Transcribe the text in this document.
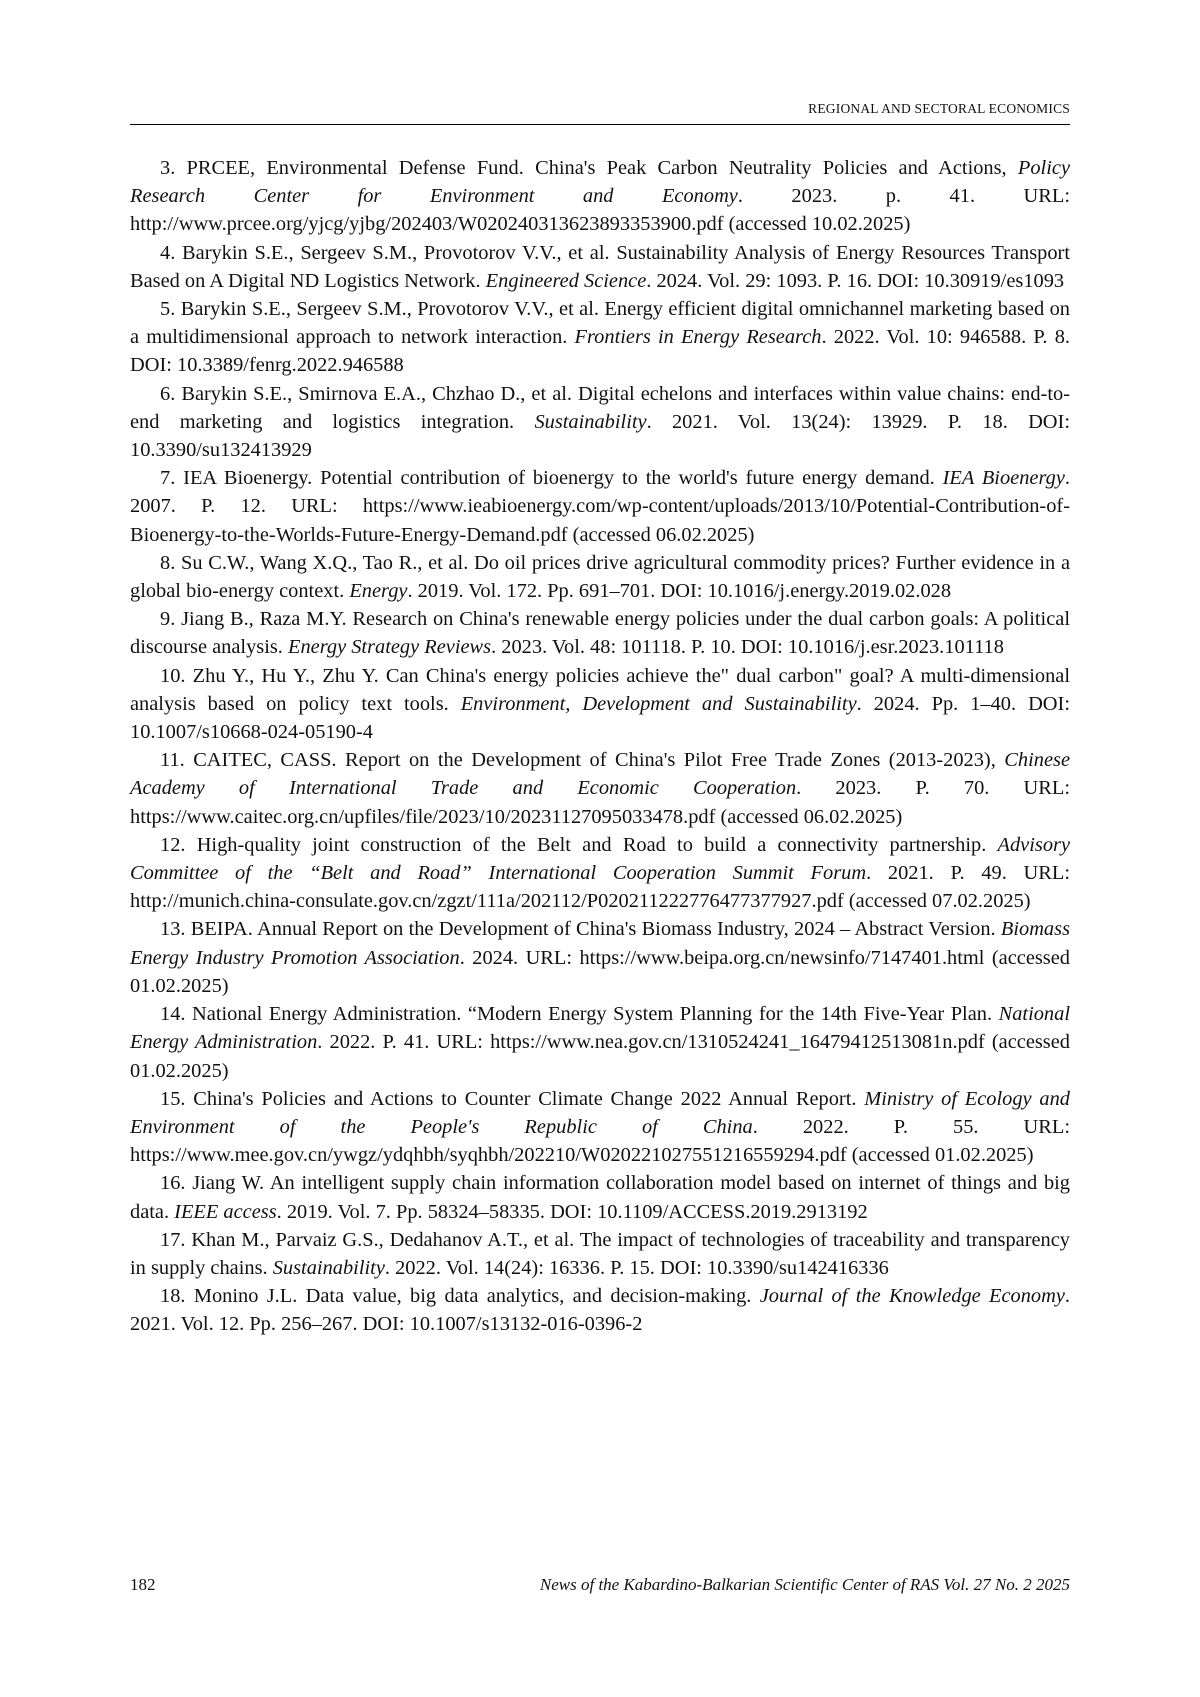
REGIONAL AND SECTORAL ECONOMICS

3. PRCEE, Environmental Defense Fund. China's Peak Carbon Neutrality Policies and Actions, Policy Research Center for Environment and Economy. 2023. p. 41. URL: http://www.prcee.org/yjcg/yjbg/202403/W020240313623893353900.pdf (accessed 10.02.2025)

4. Barykin S.E., Sergeev S.M., Provotorov V.V., et al. Sustainability Analysis of Energy Resources Transport Based on A Digital ND Logistics Network. Engineered Science. 2024. Vol. 29: 1093. P. 16. DOI: 10.30919/es1093

5. Barykin S.E., Sergeev S.M., Provotorov V.V., et al. Energy efficient digital omnichannel marketing based on a multidimensional approach to network interaction. Frontiers in Energy Research. 2022. Vol. 10: 946588. P. 8. DOI: 10.3389/fenrg.2022.946588

6. Barykin S.E., Smirnova E.A., Chzhao D., et al. Digital echelons and interfaces within value chains: end-to-end marketing and logistics integration. Sustainability. 2021. Vol. 13(24): 13929. P. 18. DOI: 10.3390/su132413929

7. IEA Bioenergy. Potential contribution of bioenergy to the world's future energy demand. IEA Bioenergy. 2007. P. 12. URL: https://www.ieabioenergy.com/wp-content/uploads/2013/10/Potential-Contribution-of-Bioenergy-to-the-Worlds-Future-Energy-Demand.pdf (accessed 06.02.2025)

8. Su C.W., Wang X.Q., Tao R., et al. Do oil prices drive agricultural commodity prices? Further evidence in a global bio-energy context. Energy. 2019. Vol. 172. Pp. 691–701. DOI: 10.1016/j.energy.2019.02.028

9. Jiang B., Raza M.Y. Research on China's renewable energy policies under the dual carbon goals: A political discourse analysis. Energy Strategy Reviews. 2023. Vol. 48: 101118. P. 10. DOI: 10.1016/j.esr.2023.101118

10. Zhu Y., Hu Y., Zhu Y. Can China's energy policies achieve the" dual carbon" goal? A multi-dimensional analysis based on policy text tools. Environment, Development and Sustainability. 2024. Pp. 1–40. DOI: 10.1007/s10668-024-05190-4

11. CAITEC, CASS. Report on the Development of China's Pilot Free Trade Zones (2013-2023), Chinese Academy of International Trade and Economic Cooperation. 2023. P. 70. URL: https://www.caitec.org.cn/upfiles/file/2023/10/20231127095033478.pdf (accessed 06.02.2025)

12. High-quality joint construction of the Belt and Road to build a connectivity partnership. Advisory Committee of the “Belt and Road” International Cooperation Summit Forum. 2021. P. 49. URL: http://munich.china-consulate.gov.cn/zgzt/111a/202112/P020211222776477377927.pdf (accessed 07.02.2025)

13. BEIPA. Annual Report on the Development of China's Biomass Industry, 2024 – Abstract Version. Biomass Energy Industry Promotion Association. 2024. URL: https://www.beipa.org.cn/newsinfo/7147401.html (accessed 01.02.2025)

14. National Energy Administration. “Modern Energy System Planning for the 14th Five-Year Plan. National Energy Administration. 2022. P. 41. URL: https://www.nea.gov.cn/1310524241_16479412513081n.pdf (accessed 01.02.2025)

15. China's Policies and Actions to Counter Climate Change 2022 Annual Report. Ministry of Ecology and Environment of the People's Republic of China. 2022. P. 55. URL: https://www.mee.gov.cn/ywgz/ydqhbh/syqhbh/202210/W020221027551216559294.pdf (accessed 01.02.2025)

16. Jiang W. An intelligent supply chain information collaboration model based on internet of things and big data. IEEE access. 2019. Vol. 7. Pp. 58324–58335. DOI: 10.1109/ACCESS.2019.2913192

17. Khan M., Parvaiz G.S., Dedahanov A.T., et al. The impact of technologies of traceability and transparency in supply chains. Sustainability. 2022. Vol. 14(24): 16336. P. 15. DOI: 10.3390/su142416336

18. Monino J.L. Data value, big data analytics, and decision-making. Journal of the Knowledge Economy. 2021. Vol. 12. Pp. 256–267. DOI: 10.1007/s13132-016-0396-2

182	News of the Kabardino-Balkarian Scientific Center of RAS Vol. 27 No. 2 2025
